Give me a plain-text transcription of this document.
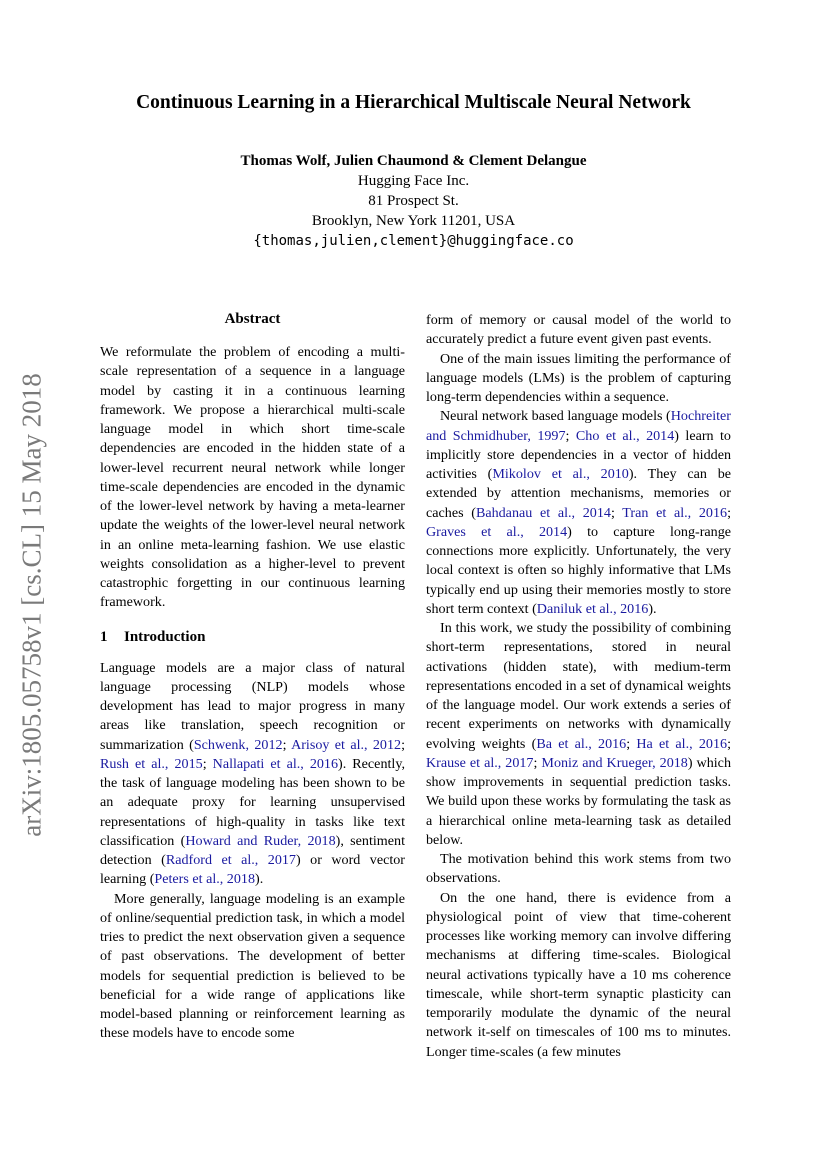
arXiv:1805.05758v1 [cs.CL] 15 May 2018
Continuous Learning in a Hierarchical Multiscale Neural Network
Thomas Wolf, Julien Chaumond & Clement Delangue
Hugging Face Inc.
81 Prospect St.
Brooklyn, New York 11201, USA
{thomas,julien,clement}@huggingface.co
Abstract

We reformulate the problem of encoding a multi-scale representation of a sequence in a language model by casting it in a continuous learning framework. We propose a hierarchical multi-scale language model in which short time-scale dependencies are encoded in the hidden state of a lower-level recurrent neural network while longer time-scale dependencies are encoded in the dynamic of the lower-level network by having a meta-learner update the weights of the lower-level neural network in an online meta-learning fashion. We use elastic weights consolidation as a higher-level to prevent catastrophic forgetting in our continuous learning framework.

1 Introduction

Language models are a major class of natural language processing (NLP) models whose development has lead to major progress in many areas like translation, speech recognition or summarization (Schwenk, 2012; Arisoy et al., 2012; Rush et al., 2015; Nallapati et al., 2016). Recently, the task of language modeling has been shown to be an adequate proxy for learning unsupervised representations of high-quality in tasks like text classification (Howard and Ruder, 2018), sentiment detection (Radford et al., 2017) or word vector learning (Peters et al., 2018).

More generally, language modeling is an example of online/sequential prediction task, in which a model tries to predict the next observation given a sequence of past observations. The development of better models for sequential prediction is believed to be beneficial for a wide range of applications like model-based planning or reinforcement learning as these models have to encode some

form of memory or causal model of the world to accurately predict a future event given past events.

One of the main issues limiting the performance of language models (LMs) is the problem of capturing long-term dependencies within a sequence.

Neural network based language models (Hochreiter and Schmidhuber, 1997; Cho et al., 2014) learn to implicitly store dependencies in a vector of hidden activities (Mikolov et al., 2010). They can be extended by attention mechanisms, memories or caches (Bahdanau et al., 2014; Tran et al., 2016; Graves et al., 2014) to capture long-range connections more explicitly. Unfortunately, the very local context is often so highly informative that LMs typically end up using their memories mostly to store short term context (Daniluk et al., 2016).

In this work, we study the possibility of combining short-term representations, stored in neural activations (hidden state), with medium-term representations encoded in a set of dynamical weights of the language model. Our work extends a series of recent experiments on networks with dynamically evolving weights (Ba et al., 2016; Ha et al., 2016; Krause et al., 2017; Moniz and Krueger, 2018) which show improvements in sequential prediction tasks. We build upon these works by formulating the task as a hierarchical online meta-learning task as detailed below.

The motivation behind this work stems from two observations.

On the one hand, there is evidence from a physiological point of view that time-coherent processes like working memory can involve differing mechanisms at differing time-scales. Biological neural activations typically have a 10 ms coherence timescale, while short-term synaptic plasticity can temporarily modulate the dynamic of the neural network it-self on timescales of 100 ms to minutes. Longer time-scales (a few minutes
